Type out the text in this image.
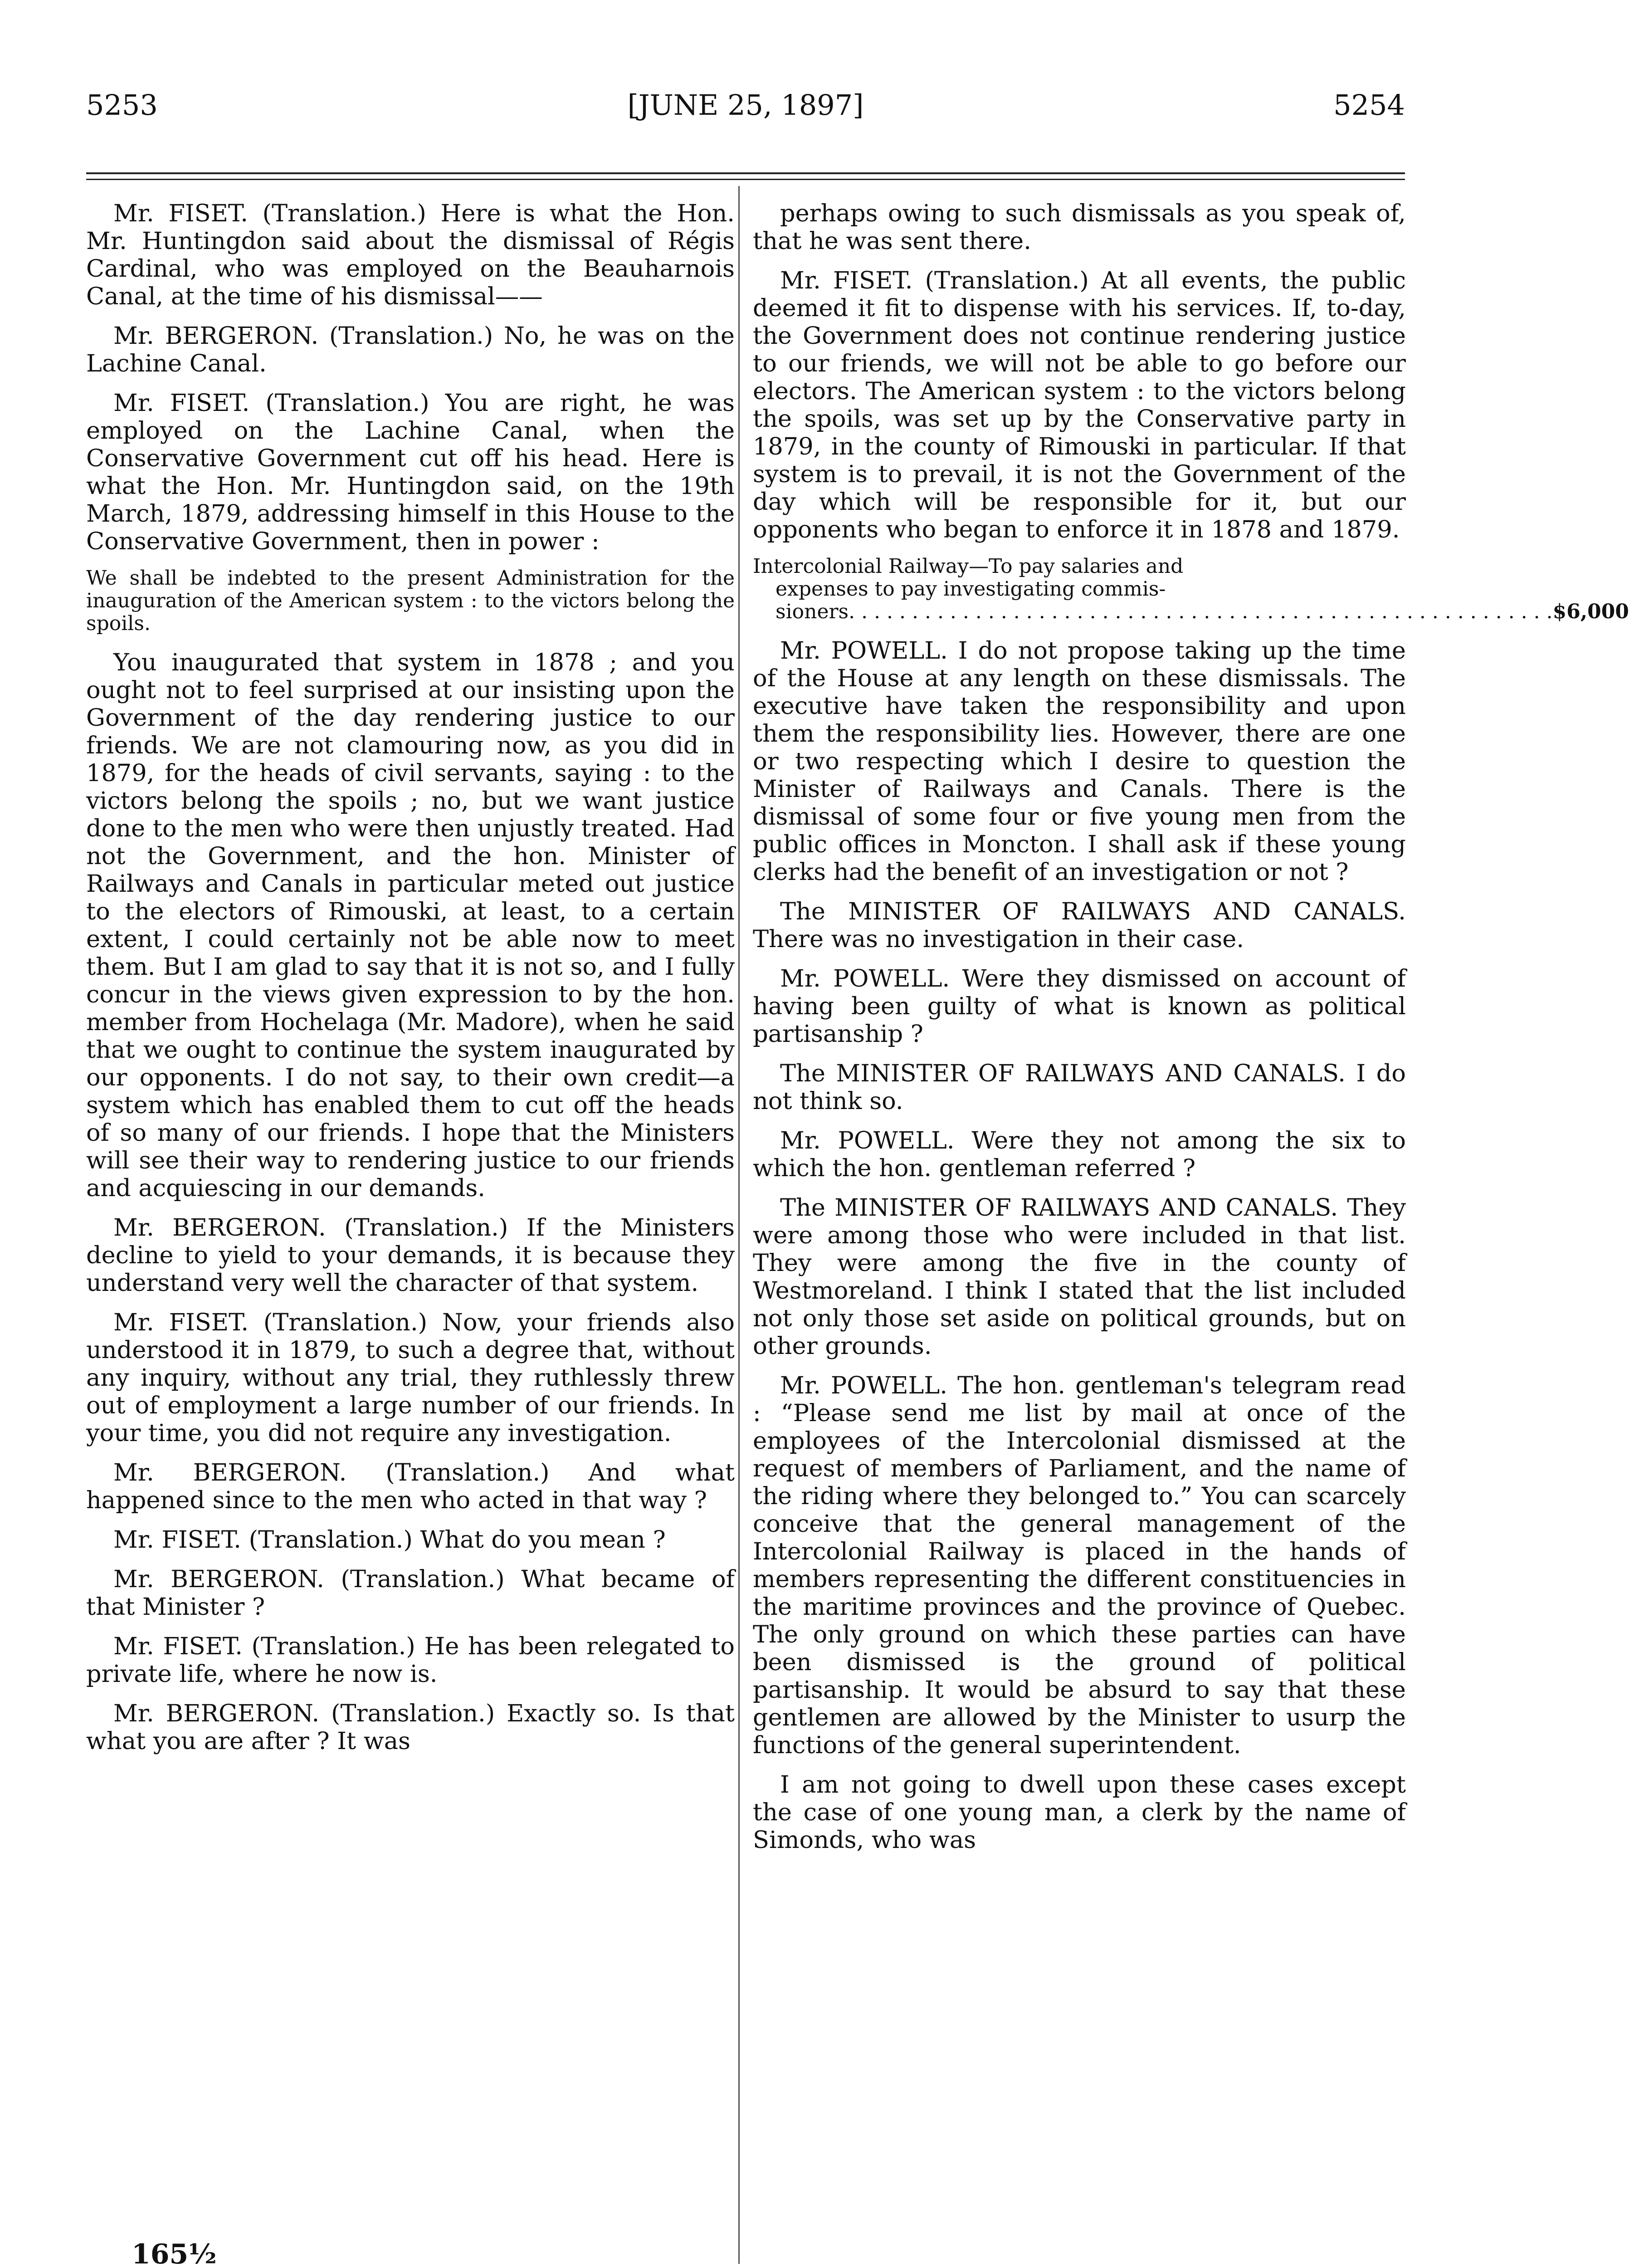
5253	[JUNE 25, 1897]	5254

Mr. FISET. (Translation.) Here is what the Hon. Mr. Huntingdon said about the dismissal of Régis Cardinal, who was employed on the Beauharnois Canal, at the time of his dismissal——

Mr. BERGERON. (Translation.) No, he was on the Lachine Canal.

Mr. FISET. (Translation.) You are right, he was employed on the Lachine Canal, when the Conservative Government cut off his head. Here is what the Hon. Mr. Huntingdon said, on the 19th March, 1879, addressing himself in this House to the Conservative Government, then in power :

We shall be indebted to the present Administration for the inauguration of the American system : to the victors belong the spoils.

You inaugurated that system in 1878 ; and you ought not to feel surprised at our insisting upon the Government of the day rendering justice to our friends. We are not clamouring now, as you did in 1879, for the heads of civil servants, saying : to the victors belong the spoils ; no, but we want justice done to the men who were then unjustly treated. Had not the Government, and the hon. Minister of Railways and Canals in particular meted out justice to the electors of Rimouski, at least, to a certain extent, I could certainly not be able now to meet them. But I am glad to say that it is not so, and I fully concur in the views given expression to by the hon. member from Hochelaga (Mr. Madore), when he said that we ought to continue the system inaugurated by our opponents. I do not say, to their own credit—a system which has enabled them to cut off the heads of so many of our friends. I hope that the Ministers will see their way to rendering justice to our friends and acquiescing in our demands.

Mr. BERGERON. (Translation.) If the Ministers decline to yield to your demands, it is because they understand very well the character of that system.

Mr. FISET. (Translation.) Now, your friends also understood it in 1879, to such a degree that, without any inquiry, without any trial, they ruthlessly threw out of employment a large number of our friends. In your time, you did not require any investigation.

Mr. BERGERON. (Translation.) And what happened since to the men who acted in that way ?

Mr. FISET. (Translation.) What do you mean ?

Mr. BERGERON. (Translation.) What became of that Minister ?

Mr. FISET. (Translation.) He has been relegated to private life, where he now is.

Mr. BERGERON. (Translation.) Exactly so. Is that what you are after ? It was

perhaps owing to such dismissals as you speak of, that he was sent there.

Mr. FISET. (Translation.) At all events, the public deemed it fit to dispense with his services. If, to-day, the Government does not continue rendering justice to our friends, we will not be able to go before our electors. The American system : to the victors belong the spoils, was set up by the Conservative party in 1879, in the county of Rimouski in particular. If that system is to prevail, it is not the Government of the day which will be responsible for it, but our opponents who began to enforce it in 1878 and 1879.

Intercolonial Railway—To pay salaries and
expenses to pay investigating commis-
sioners . . . . . . . . . . . . . . . . . . . . . . . . . . . . . . . . . . . . . . . . . . . . . . . . . . . . . . . . $6,000

Mr. POWELL. I do not propose taking up the time of the House at any length on these dismissals. The executive have taken the responsibility and upon them the responsibility lies. However, there are one or two respecting which I desire to question the Minister of Railways and Canals. There is the dismissal of some four or five young men from the public offices in Moncton. I shall ask if these young clerks had the benefit of an investigation or not ?

The MINISTER OF RAILWAYS AND CANALS. There was no investigation in their case.

Mr. POWELL. Were they dismissed on account of having been guilty of what is known as political partisanship ?

The MINISTER OF RAILWAYS AND CANALS. I do not think so.

Mr. POWELL. Were they not among the six to which the hon. gentleman referred ?

The MINISTER OF RAILWAYS AND CANALS. They were among those who were included in that list. They were among the five in the county of Westmoreland. I think I stated that the list included not only those set aside on political grounds, but on other grounds.

Mr. POWELL. The hon. gentleman's telegram read : “Please send me list by mail at once of the employees of the Intercolonial dismissed at the request of members of Parliament, and the name of the riding where they belonged to.” You can scarcely conceive that the general management of the Intercolonial Railway is placed in the hands of members representing the different constituencies in the maritime provinces and the province of Quebec. The only ground on which these parties can have been dismissed is the ground of political partisanship. It would be absurd to say that these gentlemen are allowed by the Minister to usurp the functions of the general superintendent.

I am not going to dwell upon these cases except the case of one young man, a clerk by the name of Simonds, who was

165½
